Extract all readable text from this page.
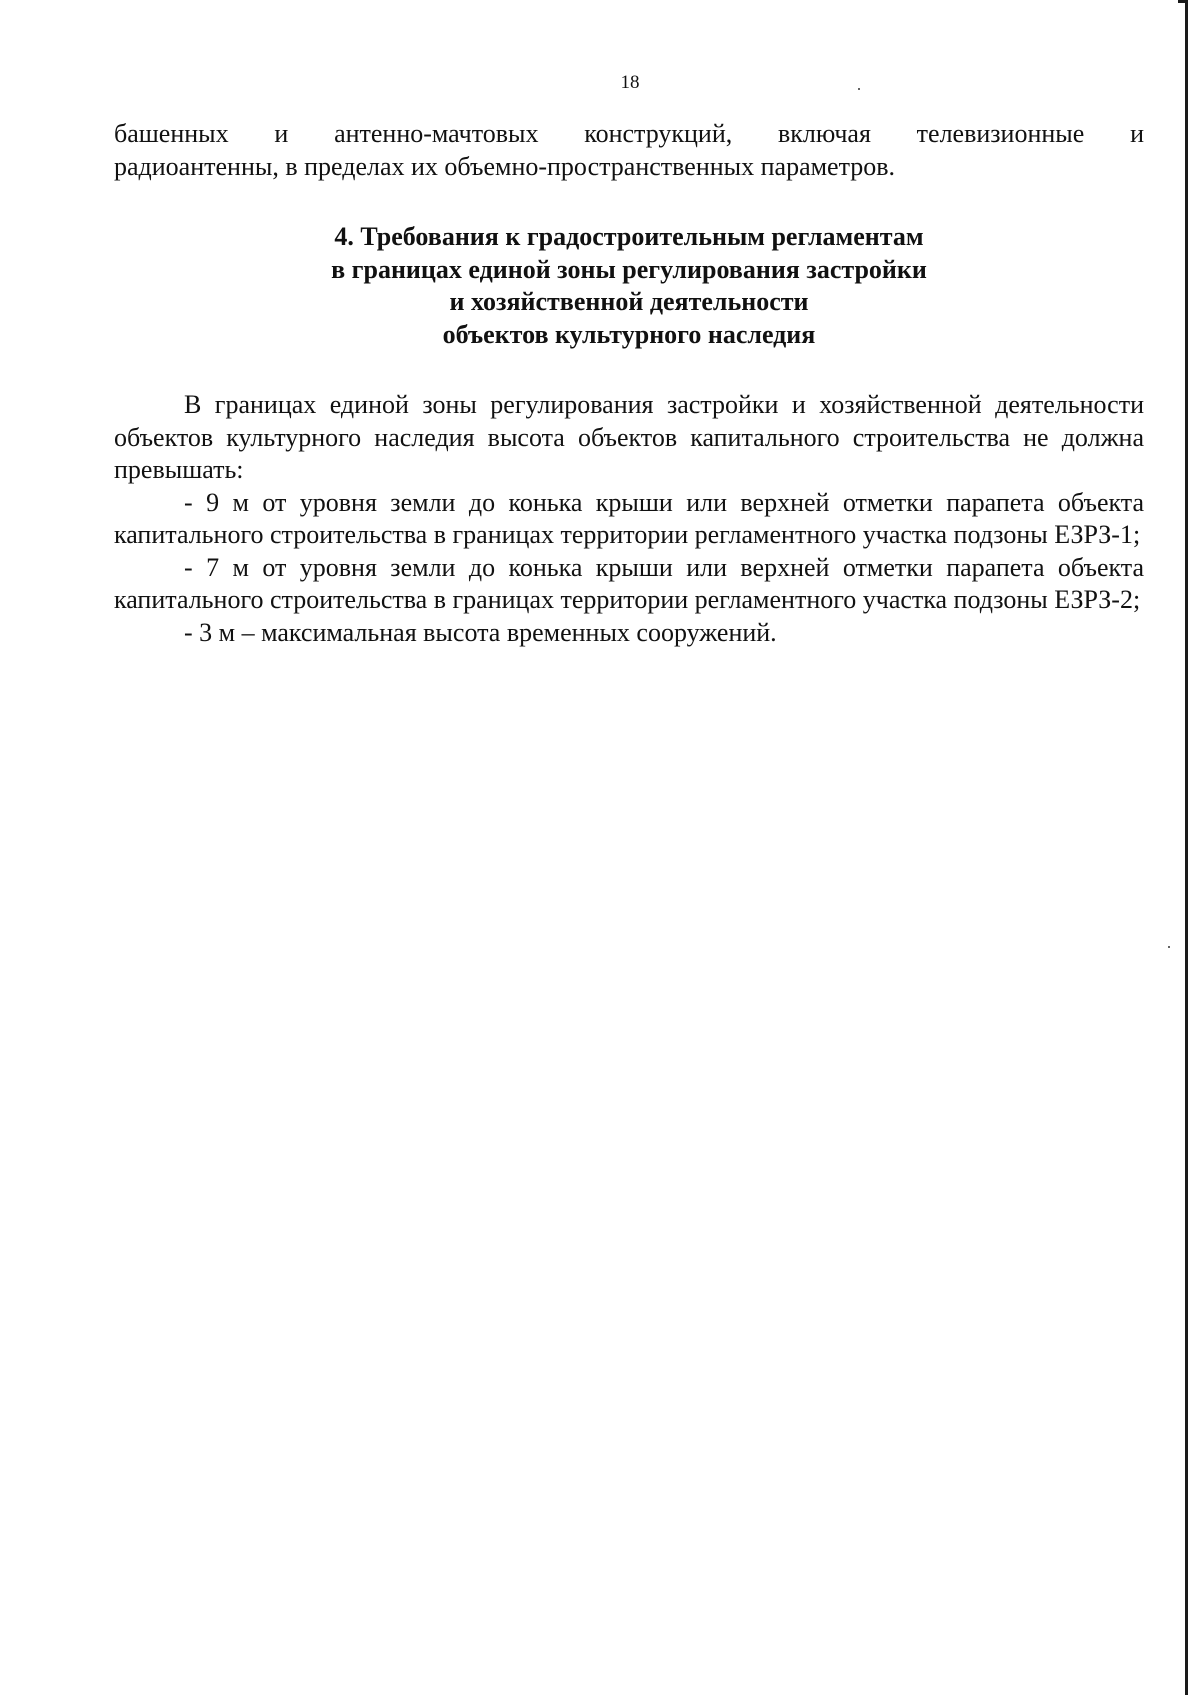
18

башенных и антенно-мачтовых конструкций, включая телевизионные и
радиоантенны, в пределах их объемно-пространственных параметров.

4. Требования к градостроительным регламентам
в границах единой зоны регулирования застройки
и хозяйственной деятельности
объектов культурного наследия

В границах единой зоны регулирования застройки и хозяйственной деятельности объектов культурного наследия высота объектов капитального строительства не должна превышать:

- 9 м от уровня земли до конька крыши или верхней отметки парапета объекта капитального строительства в границах территории регламентного участка подзоны ЕЗРЗ-1;

- 7 м от уровня земли до конька крыши или верхней отметки парапета объекта капитального строительства в границах территории регламентного участка подзоны ЕЗРЗ-2;

- 3 м – максимальная высота временных сооружений.
